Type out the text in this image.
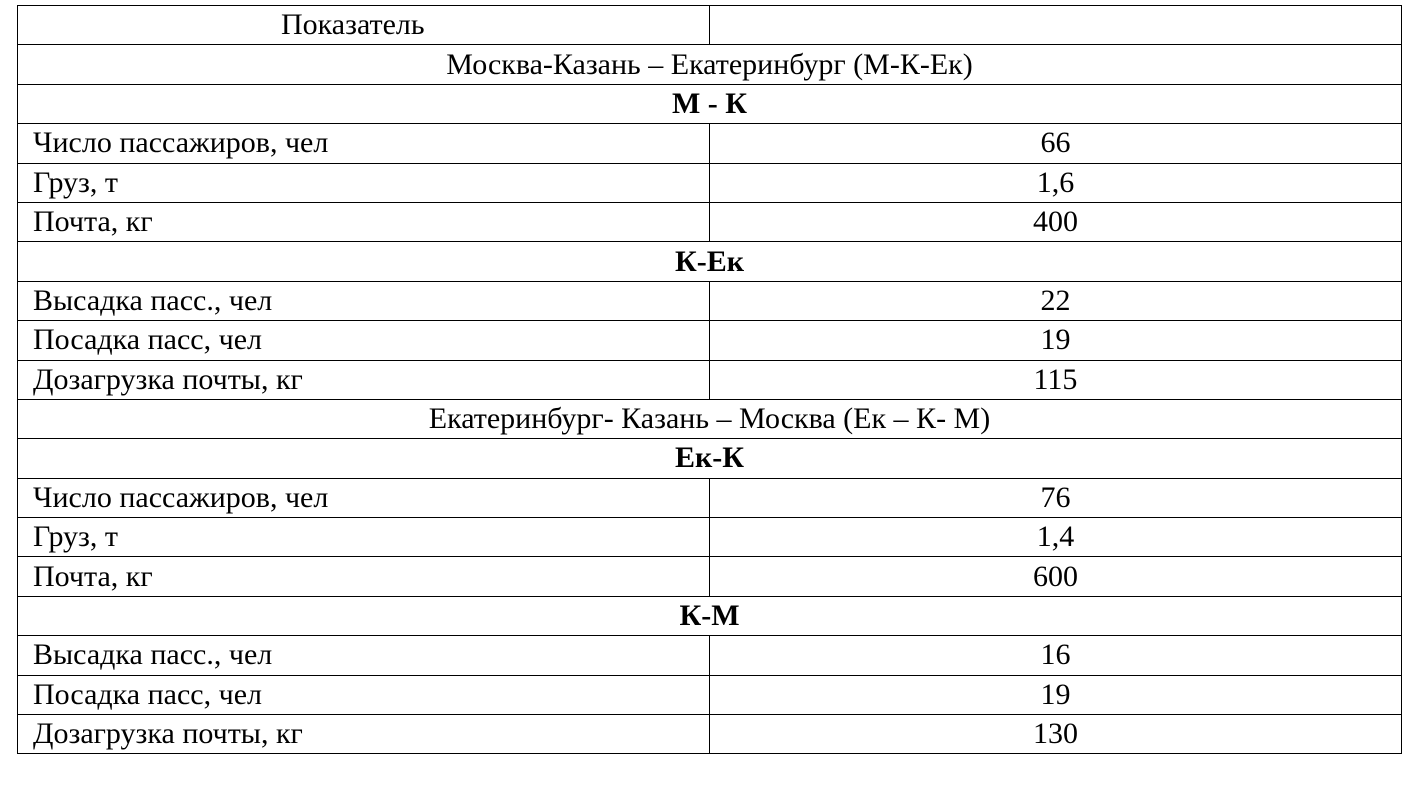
Показатель	
Москва-Казань – Екатеринбург (М-К-Ек)	
М - К	
Число пассажиров, чел	66
Груз, т	1,6
Почта, кг	400
К-Ек	
Высадка пасс., чел	22
Посадка пасс, чел	19
Дозагрузка почты, кг	115
Екатеринбург- Казань – Москва (Ек – К- М)	
Ек-К	
Число пассажиров, чел	76
Груз, т	1,4
Почта, кг	600
К-М	
Высадка пасс., чел	16
Посадка пасс, чел	19
Дозагрузка почты, кг	130
